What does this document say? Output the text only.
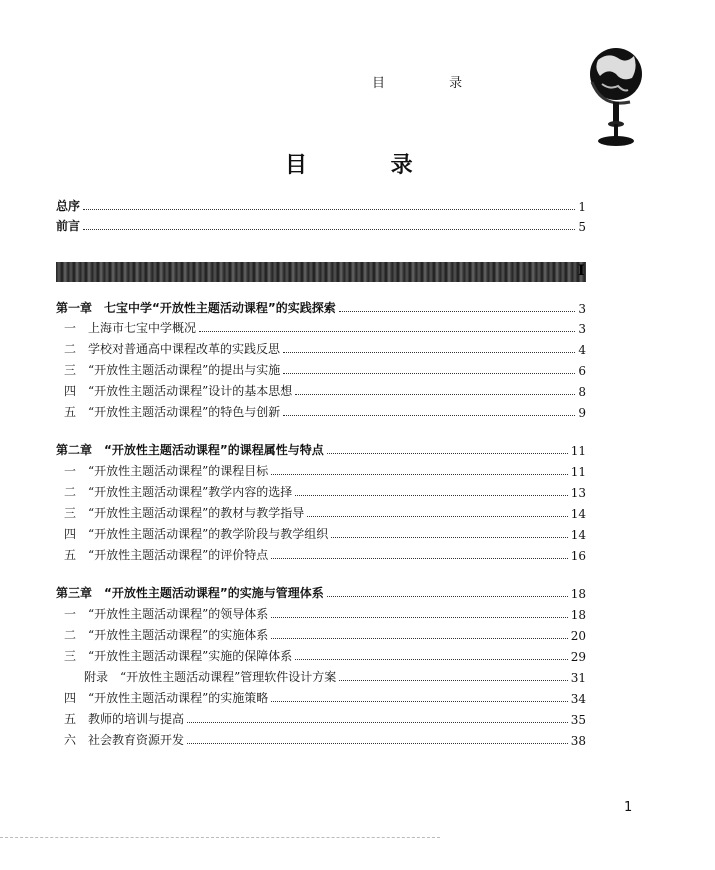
目 录
目 录
总序	1
前言	5
I
第一章　七宝中学“开放性主题活动课程”的实践探索	3
一 上海市七宝中学概况	3
二 学校对普通高中课程改革的实践反思	4
三 “开放性主题活动课程”的提出与实施	6
四 “开放性主题活动课程”设计的基本思想	8
五 “开放性主题活动课程”的特色与创新	9
第二章　“开放性主题活动课程”的课程属性与特点	11
一 “开放性主题活动课程”的课程目标	11
二 “开放性主题活动课程”教学内容的选择	13
三 “开放性主题活动课程”的教材与教学指导	14
四 “开放性主题活动课程”的教学阶段与教学组织	14
五 “开放性主题活动课程”的评价特点	16
第三章　“开放性主题活动课程”的实施与管理体系	18
一 “开放性主题活动课程”的领导体系	18
二 “开放性主题活动课程”的实施体系	20
三 “开放性主题活动课程”实施的保障体系	29
附录　“开放性主题活动课程”管理软件设计方案	31
四 “开放性主题活动课程”的实施策略	34
五 教师的培训与提高	35
六 社会教育资源开发	38
1
